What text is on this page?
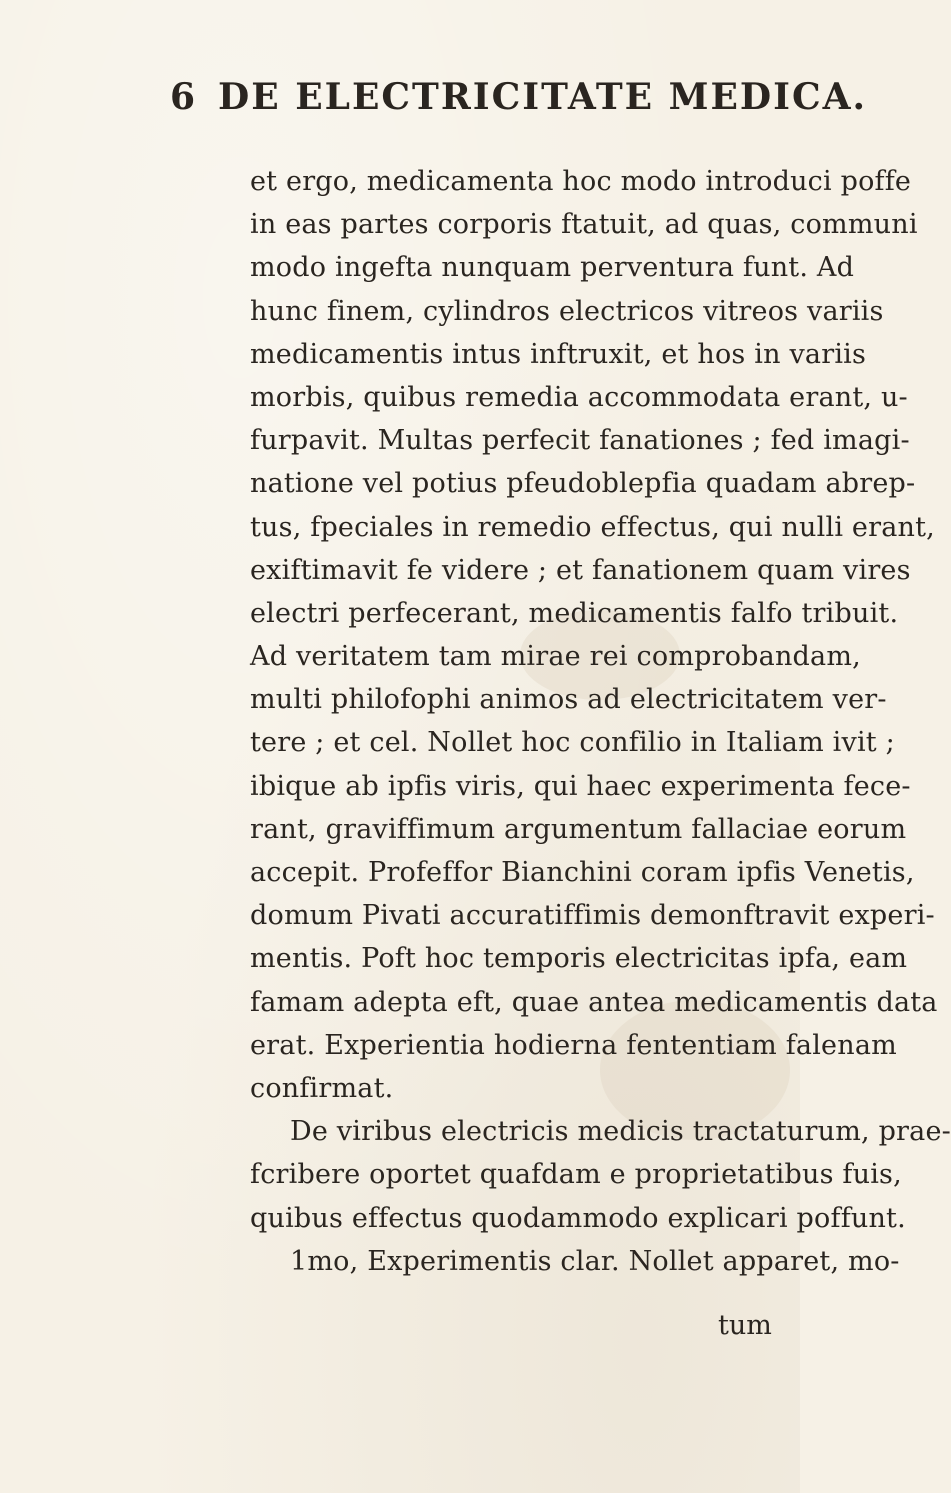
6 DE ELECTRICITATE MEDICA.
et ergo, medicamenta hoc modo introduci poffe
in eas partes corporis ftatuit, ad quas, communi
modo ingefta nunquam perventura funt. Ad
hunc finem, cylindros electricos vitreos variis
medicamentis intus inftruxit, et hos in variis
morbis, quibus remedia accommodata erant, u-
furpavit. Multas perfecit fanationes ; fed imagi-
natione vel potius pfeudoblepfia quadam abrep-
tus, fpeciales in remedio effectus, qui nulli erant,
exiftimavit fe videre ; et fanationem quam vires
electri perfecerant, medicamentis falfo tribuit.
Ad veritatem tam mirae rei comprobandam,
multi philofophi animos ad electricitatem ver-
tere ; et cel. Nollet hoc confilio in Italiam ivit ;
ibique ab ipfis viris, qui haec experimenta fece-
rant, graviffimum argumentum fallaciae eorum
accepit. Profeffor Bianchini coram ipfis Venetis,
domum Pivati accuratiffimis demonftravit experi-
mentis. Poft hoc temporis electricitas ipfa, eam
famam adepta eft, quae antea medicamentis data
erat. Experientia hodierna fententiam falenam
confirmat.
De viribus electricis medicis tractaturum, prae-
fcribere oportet quafdam e proprietatibus fuis,
quibus effectus quodammodo explicari poffunt.
1mo, Experimentis clar. Nollet apparet, mo-
tum
